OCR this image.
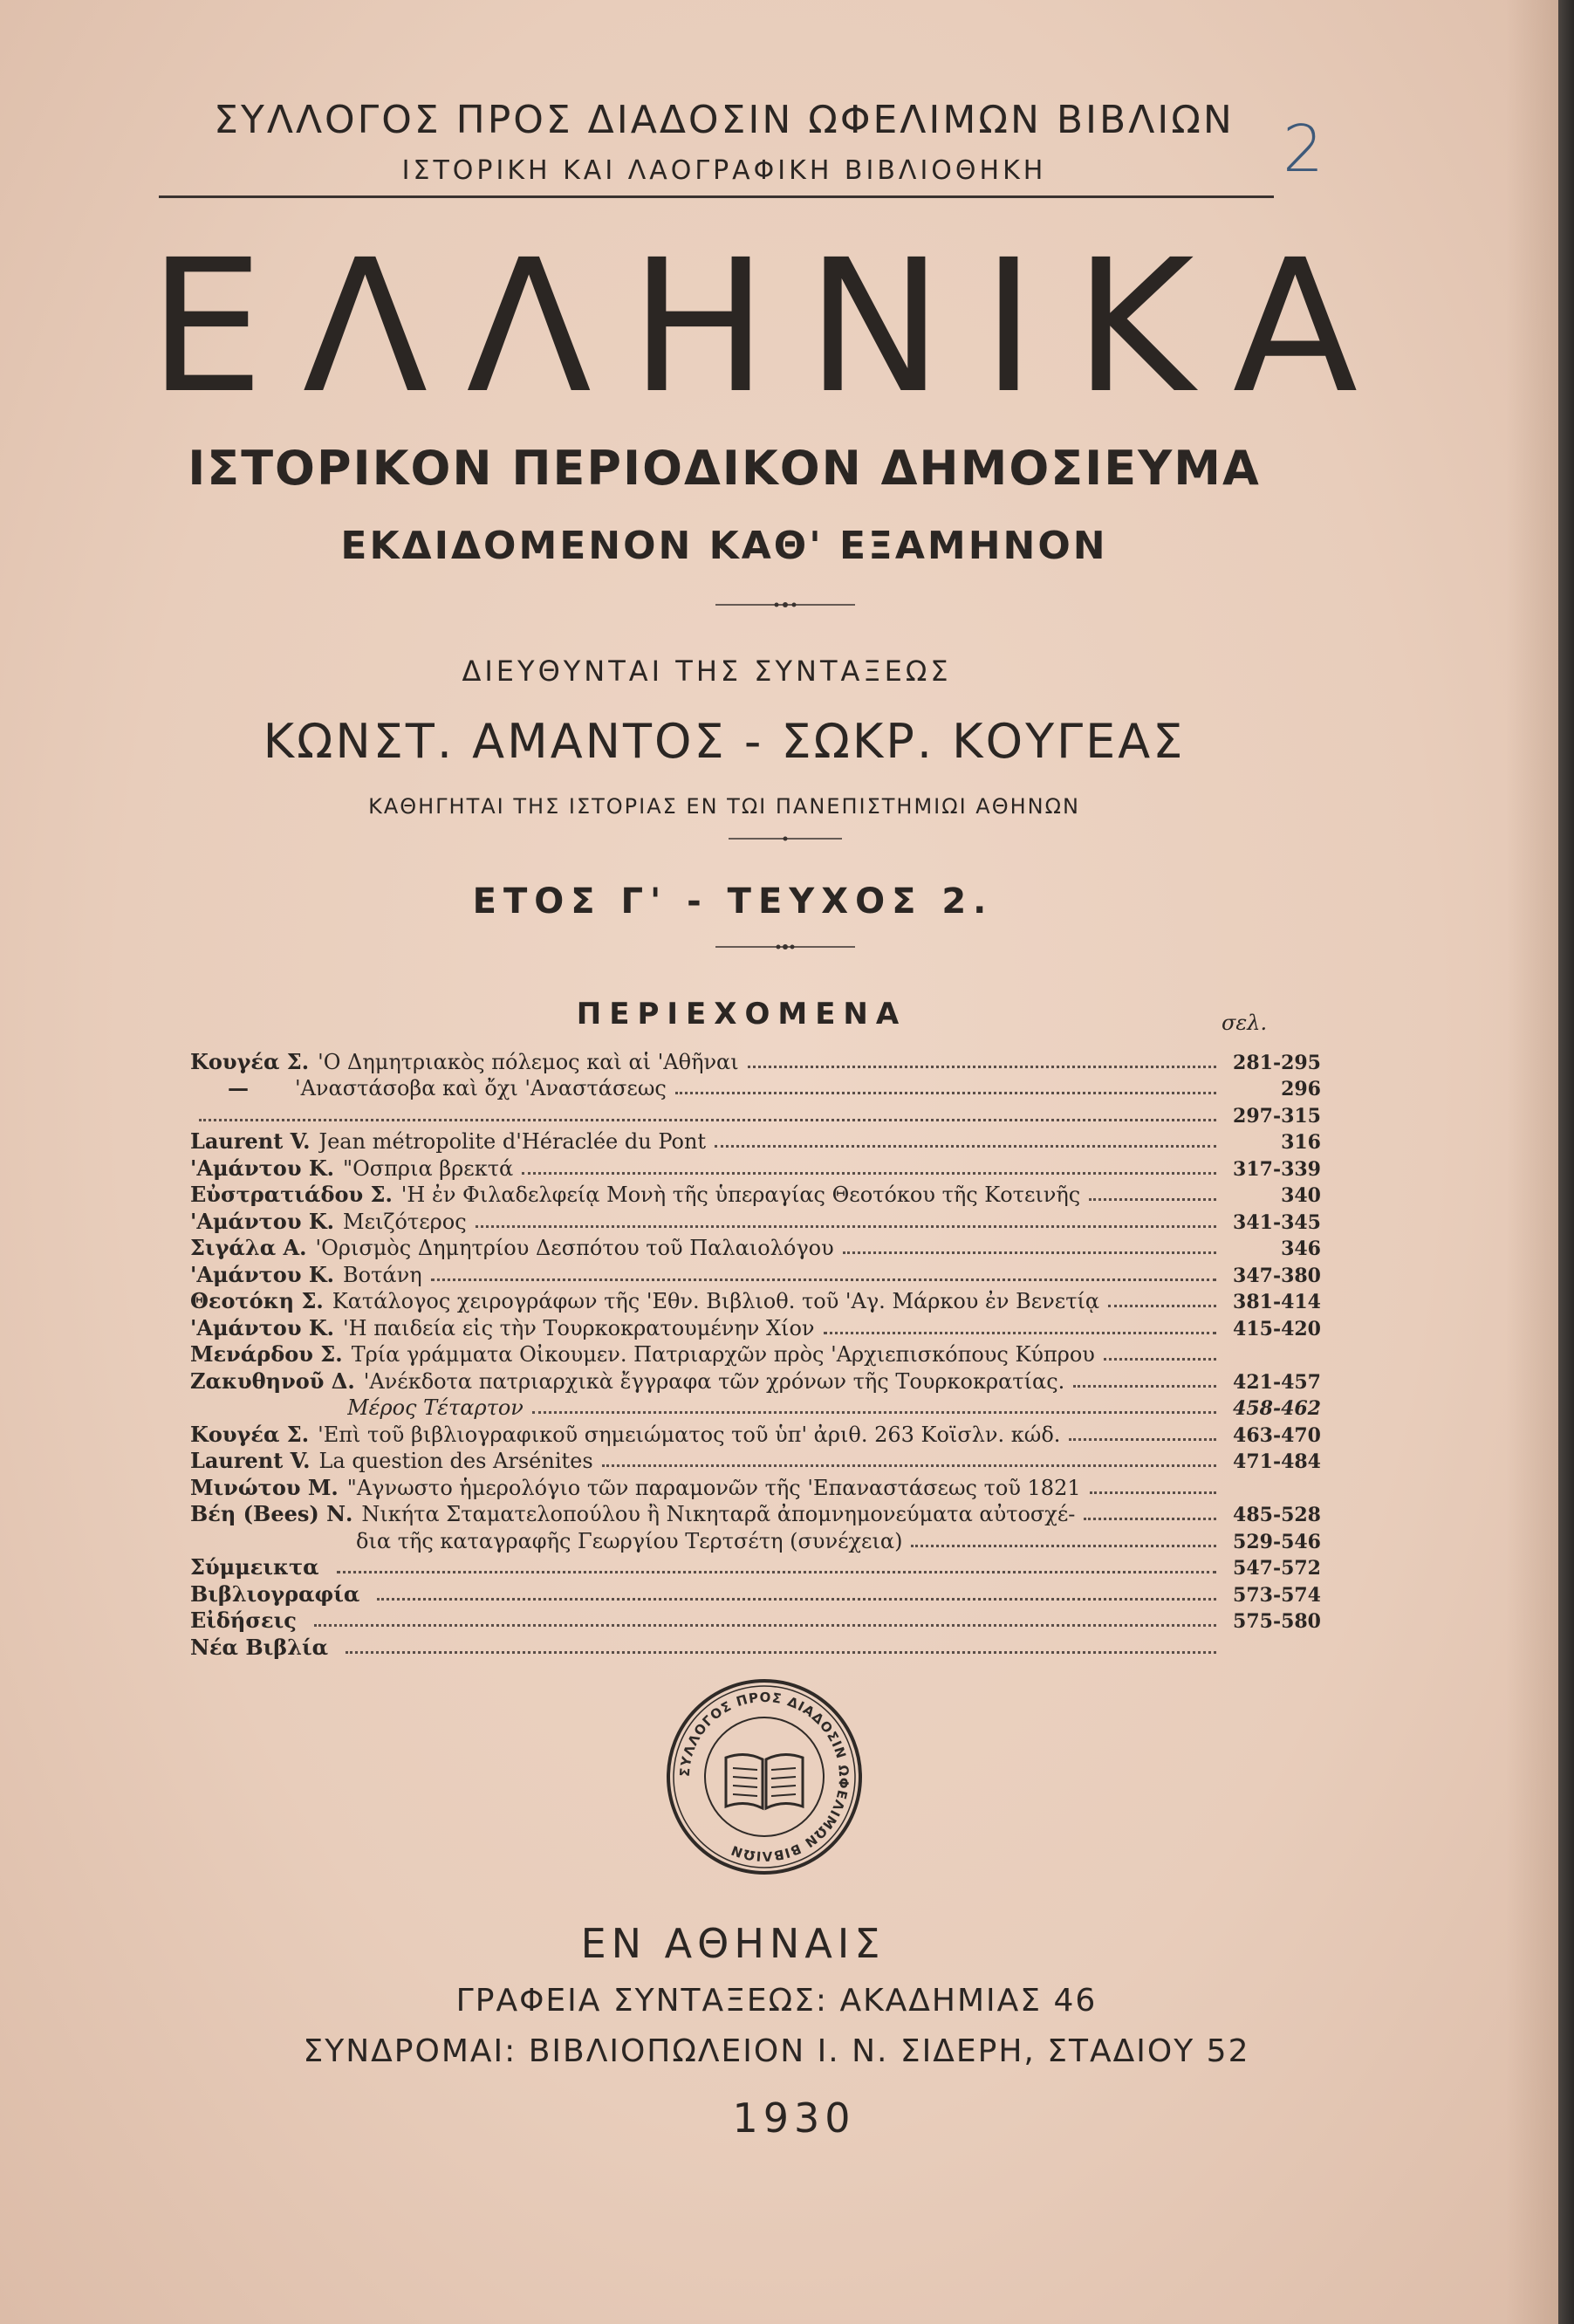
ΣΥΛΛΟΓΟΣ ΠΡΟΣ ΔΙΑΔΟΣΙΝ ΩΦΕΛΙΜΩΝ ΒΙΒΛΙΩΝ
ΙΣΤΟΡΙΚΗ ΚΑΙ ΛΑΟΓΡΑΦΙΚΗ ΒΙΒΛΙΟΘΗΚΗ	2
ΕΛΛΗΝΙΚΑ
ΙΣΤΟΡΙΚΟΝ ΠΕΡΙΟΔΙΚΟΝ ΔΗΜΟΣΙΕΥΜΑ
ΕΚΔΙΔΟΜΕΝΟΝ ΚΑΘ' ΕΞΑΜΗΝΟΝ
ΔΙΕΥΘΥΝΤΑΙ ΤΗΣ ΣΥΝΤΑΞΕΩΣ
ΚΩΝΣΤ. ΑΜΑΝΤΟΣ - ΣΩΚΡ. ΚΟΥΓΕΑΣ
ΚΑΘΗΓΗΤΑΙ ΤΗΣ ΙΣΤΟΡΙΑΣ ΕΝ ΤΩΙ ΠΑΝΕΠΙΣΤΗΜΙΩΙ ΑΘΗΝΩΝ
ΕΤΟΣ Γ' - ΤΕΥΧΟΣ 2.
ΠΕΡΙΕΧΟΜΕΝΑ	σελ.
Κουγέα Σ. 'Ο Δημητριακὸς πόλεμος καὶ αἱ 'Αθῆναι	281-295
—	'Αναστάσοβα καὶ ὄχι 'Αναστάσεως	296
297-315
Laurent V. Jean métropolite d'Héraclée du Pont	316
'Αμάντου Κ. "Οσπρια βρεκτά	317-339
Εὐστρατιάδου Σ. 'Η ἐν Φιλαδελφείᾳ Μονὴ τῆς ὑπεραγίας Θεοτόκου τῆς Κοτεινῆς	340
'Αμάντου Κ. Μειζότερος	341-345
Σιγάλα Α. 'Ορισμὸς Δημητρίου Δεσπότου τοῦ Παλαιολόγου	346
'Αμάντου Κ. Βοτάνη	347-380
Θεοτόκη Σ. Κατάλογος χειρογράφων τῆς 'Εθν. Βιβλιοθ. τοῦ 'Αγ. Μάρκου ἐν Βενετίᾳ	381-414
'Αμάντου Κ. 'Η παιδεία εἰς τὴν Τουρκοκρατουμένην Χίον	415-420
Μενάρδου Σ. Τρία γράμματα Οἰκουμεν. Πατριαρχῶν πρὸς 'Αρχιεπισκόπους Κύπρου
Ζακυθηνοῦ Δ. 'Ανέκδοτα πατριαρχικὰ ἔγγραφα τῶν χρόνων τῆς Τουρκοκρατίας.	421-457
Μέρος Τέταρτον	458-462
Κουγέα Σ. 'Επὶ τοῦ βιβλιογραφικοῦ σημειώματος τοῦ ὑπ' ἀριθ. 263 Κοϊσλν. κώδ.	463-470
Laurent V. La question des Arsénites	471-484
Μινώτου Μ. "Αγνωστο ἡμερολόγιο τῶν παραμονῶν τῆς 'Επαναστάσεως τοῦ 1821
Βέη (Bees) Ν. Νικήτα Σταματελοπούλου ἢ Νικηταρᾶ ἀπομνημονεύματα αὐτοσχέ-	485-528
δια τῆς καταγραφῆς Γεωργίου Τερτσέτη (συνέχεια)	529-546
Σύμμεικτα	547-572
Βιβλιογραφία	573-574
Εἰδήσεις	575-580
Νέα Βιβλία
ΣΥΛΛΟΓΟΣ ΠΡΟΣ ΔΙΑΔΟΣΙΝ ΩΦΕΛΙΜΩΝ ΒΙΒΛΙΩΝ
ΕΝ ΑΘΗΝΑΙΣ
ΓΡΑΦΕΙΑ ΣΥΝΤΑΞΕΩΣ: ΑΚΑΔΗΜΙΑΣ 46
ΣΥΝΔΡΟΜΑΙ: ΒΙΒΛΙΟΠΩΛΕΙΟΝ Ι. Ν. ΣΙΔΕΡΗ, ΣΤΑΔΙΟΥ 52
1930
